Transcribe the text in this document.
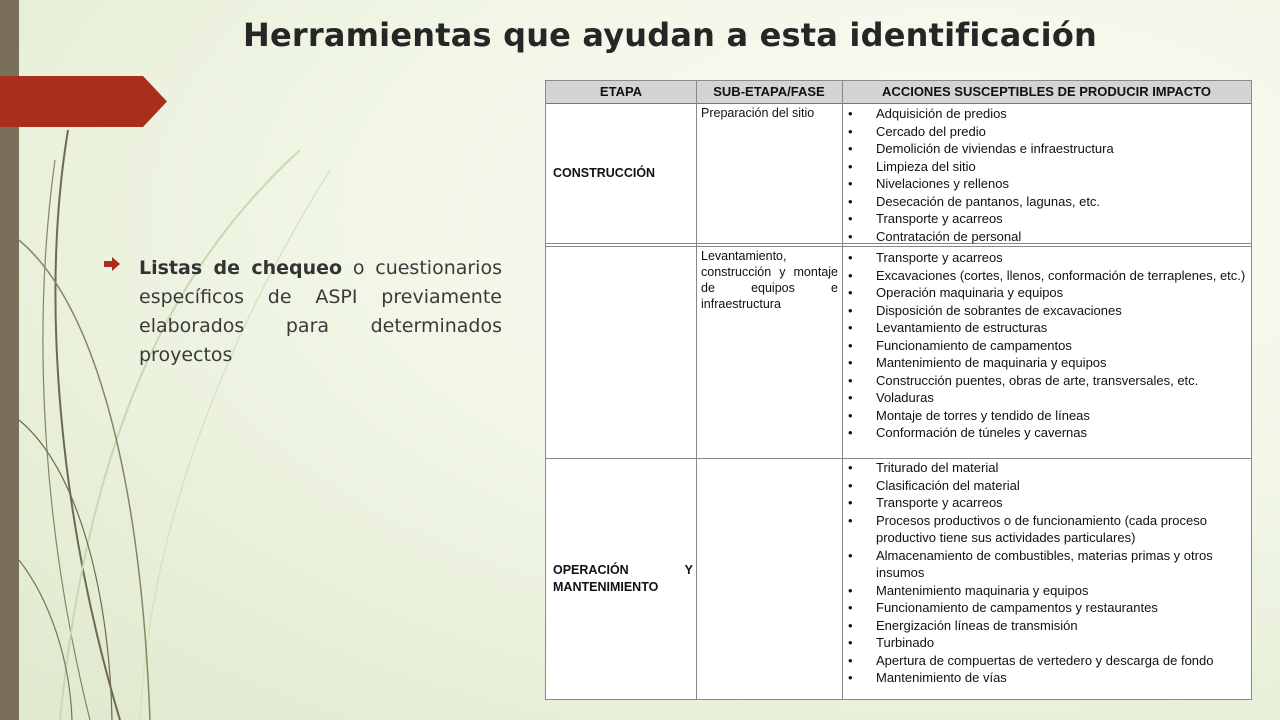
Herramientas que ayudan a esta identificación
Listas de chequeo o cuestionarios específicos de ASPI previamente elaborados para determinados proyectos
ETAPA	SUB-ETAPA/FASE	ACCIONES SUSCEPTIBLES DE PRODUCIR IMPACTO
CONSTRUCCIÓN
Preparación del sitio
•	Adquisición de predios
• Cercado del predio
• Demolición de viviendas e infraestructura
• Limpieza del sitio
• Nivelaciones y rellenos
• Desecación de pantanos, lagunas, etc.
• Transporte y acarreos
• Contratación de personal
Levantamiento, construcción y montaje de equipos e infraestructura
• Transporte y acarreos
• Excavaciones (cortes, llenos, conformación de terraplenes, etc.)
• Operación maquinaria y equipos
• Disposición de sobrantes de excavaciones
• Levantamiento de estructuras
• Funcionamiento de campamentos
• Mantenimiento de maquinaria y equipos
• Construcción puentes, obras de arte, transversales, etc.
• Voladuras
• Montaje de torres y tendido de líneas
• Conformación de túneles y cavernas
OPERACIÓN Y MANTENIMIENTO
• Triturado del material
• Clasificación del material
• Transporte y acarreos
• Procesos productivos o de funcionamiento (cada proceso productivo tiene sus actividades particulares)
• Almacenamiento de combustibles, materias primas y otros insumos
• Mantenimiento maquinaria y equipos
• Funcionamiento de campamentos y restaurantes
• Energización líneas de transmisión
• Turbinado
• Apertura de compuertas de vertedero y descarga de fondo
• Mantenimiento de vías
